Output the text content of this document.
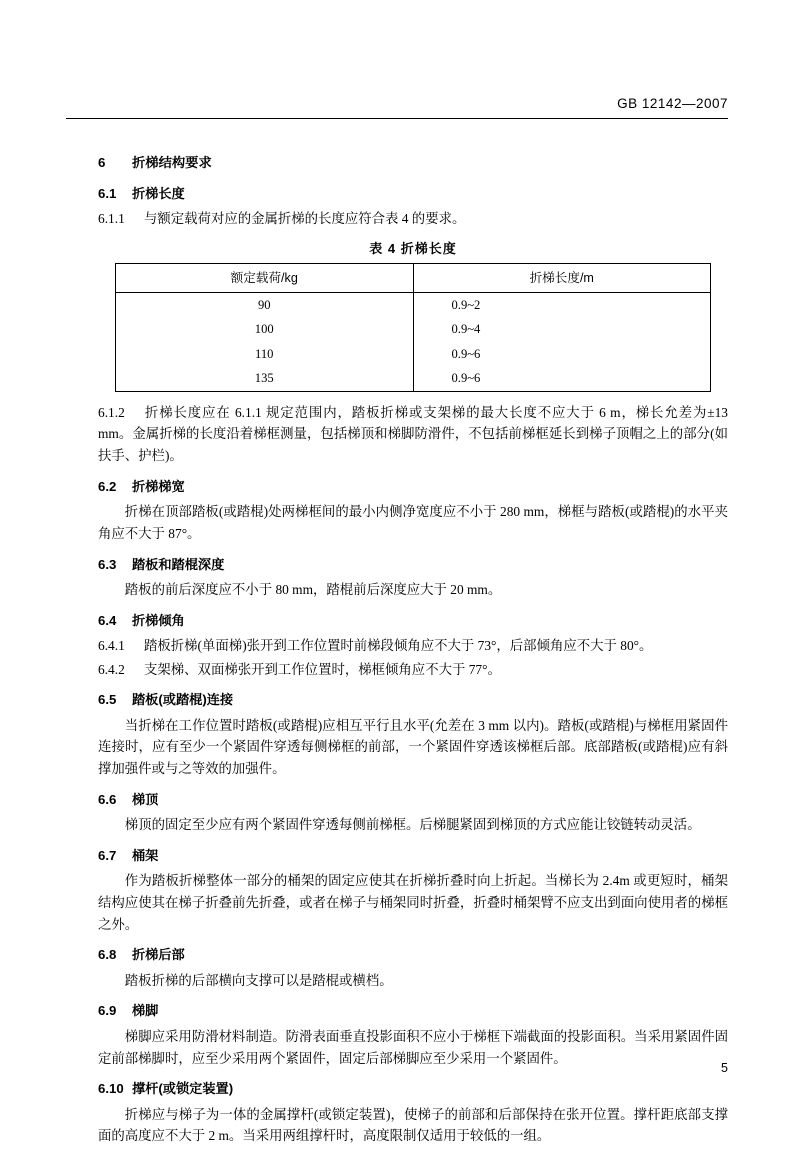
GB 12142—2007
6 折梯结构要求
6.1 折梯长度
6.1.1 与额定载荷对应的金属折梯的长度应符合表 4 的要求。
表 4 折梯长度
额定载荷/kg	折梯长度/m
90	0.9~2
100	0.9~4
110	0.9~6
135	0.9~6
6.1.2 折梯长度应在 6.1.1 规定范围内，踏板折梯或支架梯的最大长度不应大于 6 m，梯长允差为±13 mm。金属折梯的长度沿着梯框测量，包括梯顶和梯脚防滑件，不包括前梯框延长到梯子顶帽之上的部分(如扶手、护栏)。
6.2 折梯梯宽
折梯在顶部踏板(或踏棍)处两梯框间的最小内侧净宽度应不小于 280 mm，梯框与踏板(或踏棍)的水平夹角应不大于 87°。
6.3 踏板和踏棍深度
踏板的前后深度应不小于 80 mm，踏棍前后深度应大于 20 mm。
6.4 折梯倾角
6.4.1 踏板折梯(单面梯)张开到工作位置时前梯段倾角应不大于 73°，后部倾角应不大于 80°。
6.4.2 支架梯、双面梯张开到工作位置时，梯框倾角应不大于 77°。
6.5 踏板(或踏棍)连接
当折梯在工作位置时踏板(或踏棍)应相互平行且水平(允差在 3 mm 以内)。踏板(或踏棍)与梯框用紧固件连接时，应有至少一个紧固件穿透每侧梯框的前部，一个紧固件穿透该梯框后部。底部踏板(或踏棍)应有斜撑加强件或与之等效的加强件。
6.6 梯顶
梯顶的固定至少应有两个紧固件穿透每侧前梯框。后梯腿紧固到梯顶的方式应能让铰链转动灵活。
6.7 桶架
作为踏板折梯整体一部分的桶架的固定应使其在折梯折叠时向上折起。当梯长为 2.4m 或更短时，桶架结构应使其在梯子折叠前先折叠，或者在梯子与桶架同时折叠，折叠时桶架臂不应支出到面向使用者的梯框之外。
6.8 折梯后部
踏板折梯的后部横向支撑可以是踏棍或横档。
6.9 梯脚
梯脚应采用防滑材料制造。防滑表面垂直投影面积不应小于梯框下端截面的投影面积。当采用紧固件固定前部梯脚时，应至少采用两个紧固件，固定后部梯脚应至少采用一个紧固件。
6.10 撑杆(或锁定装置)
折梯应与梯子为一体的金属撑杆(或锁定装置)，使梯子的前部和后部保持在张开位置。撑杆距底部支撑面的高度应不大于 2 m。当采用两组撑杆时，高度限制仅适用于较低的一组。
5
